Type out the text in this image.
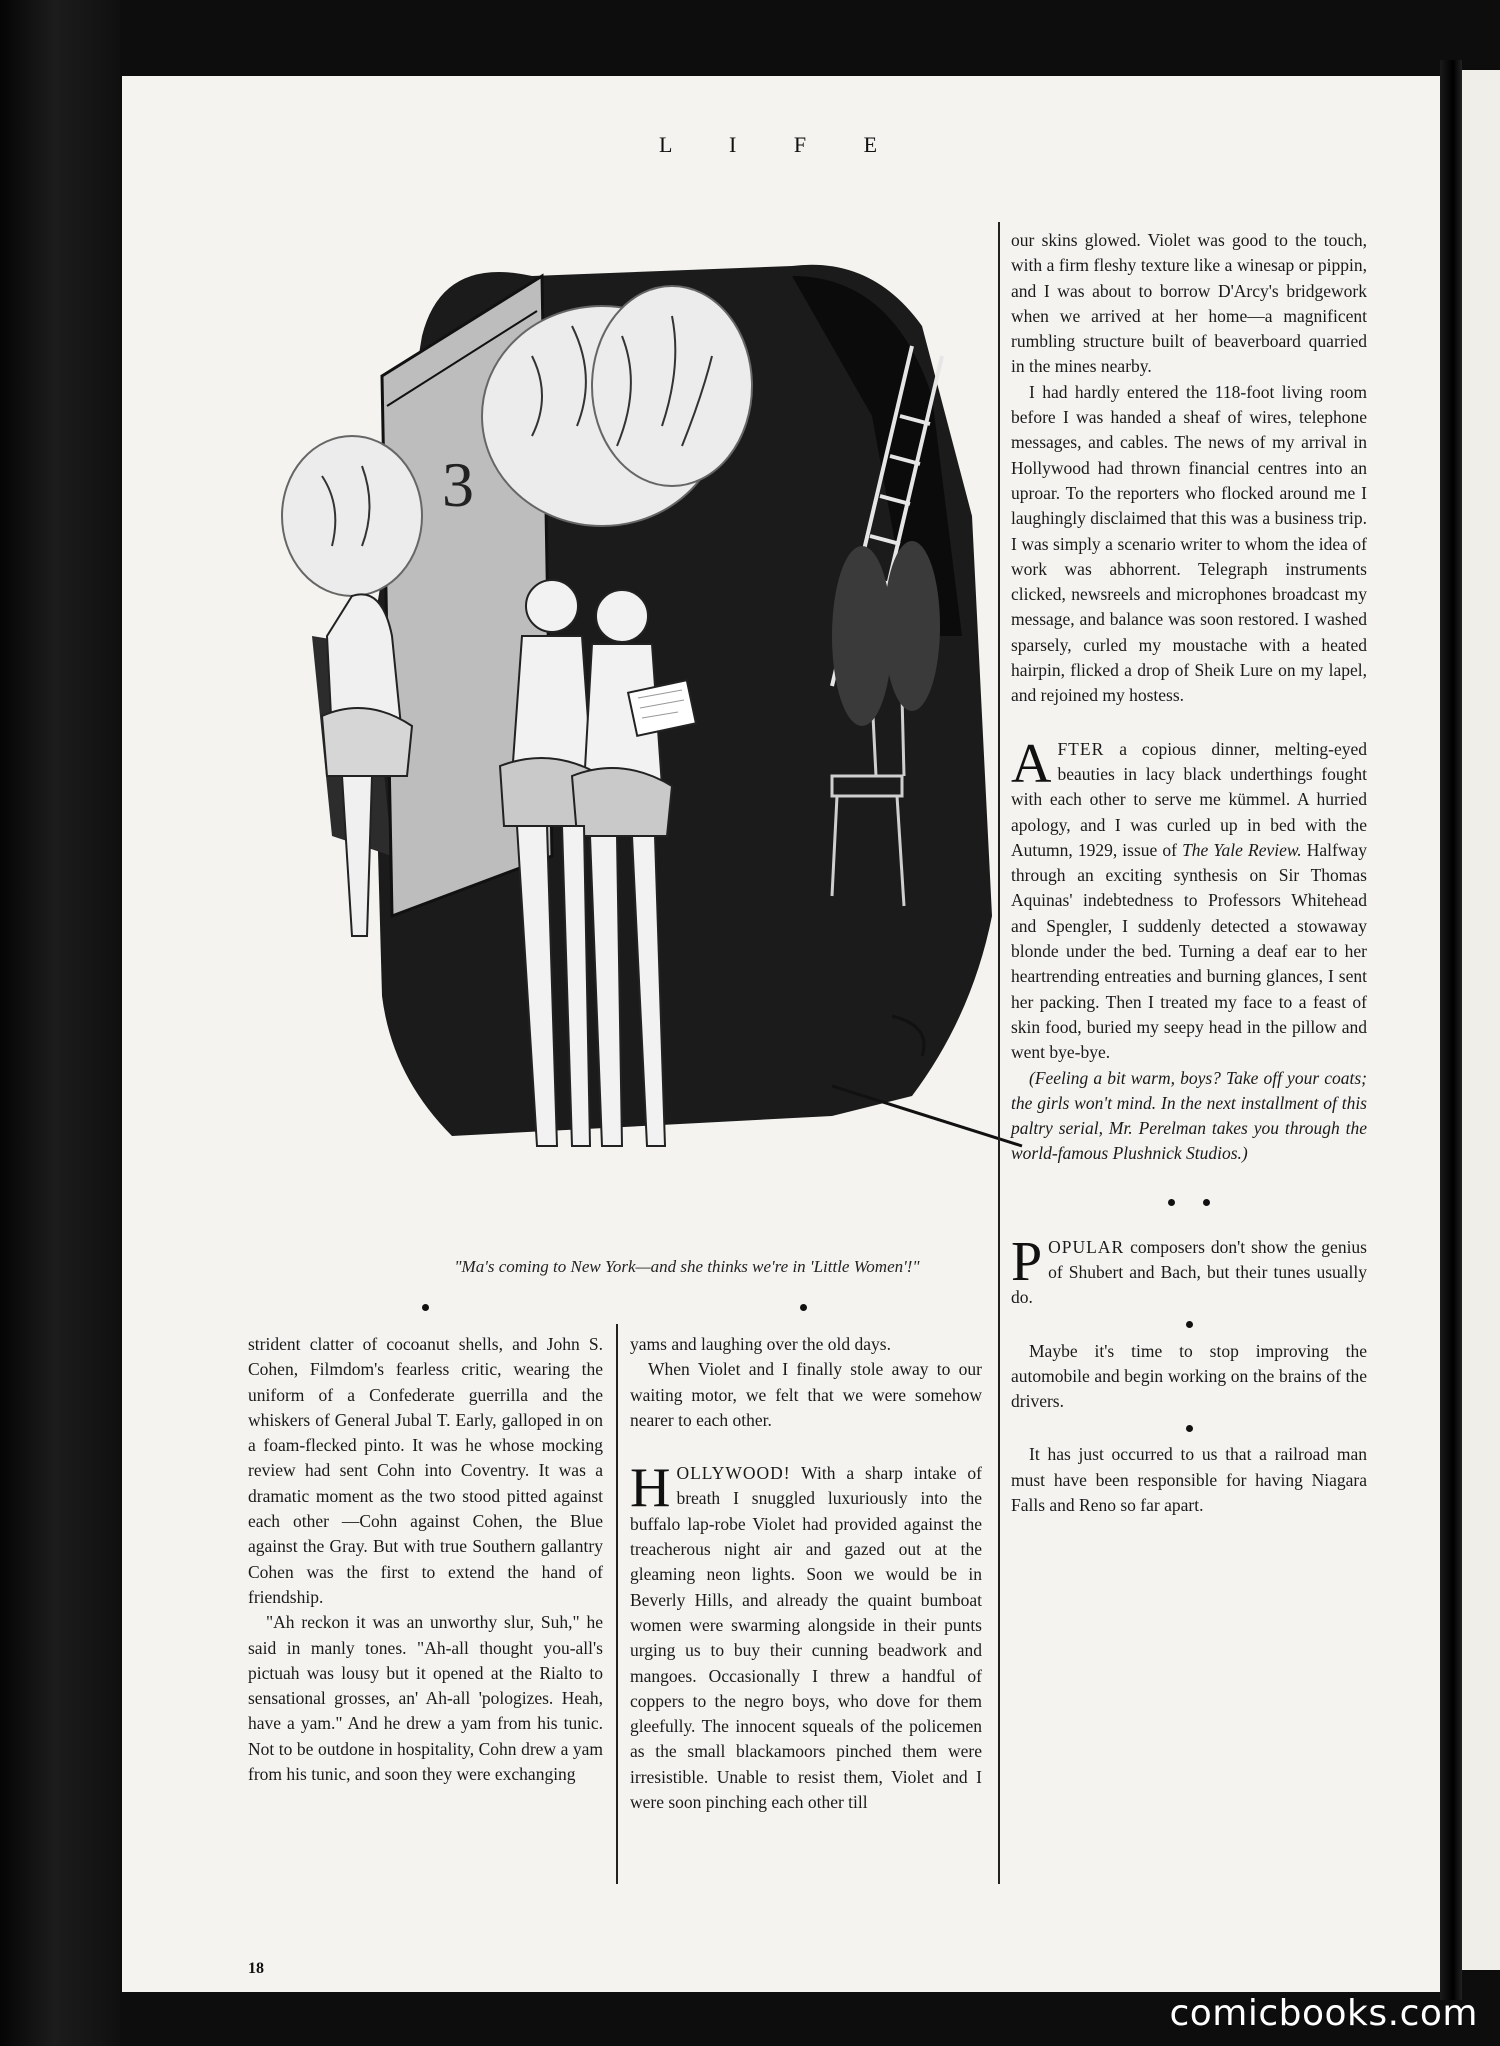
L I F E
3
"Ma's coming to New York—and she thinks we're in 'Little Women'!"

strident clatter of cocoanut shells, and John S. Cohen, Filmdom's fearless critic, wearing the uniform of a Confederate guerrilla and the whiskers of General Jubal T. Early, galloped in on a foam-flecked pinto. It was he whose mocking review had sent Cohn into Coventry. It was a dramatic moment as the two stood pitted against each other —Cohn against Cohen, the Blue against the Gray. But with true Southern gallantry Cohen was the first to extend the hand of friendship.

"Ah reckon it was an unworthy slur, Suh," he said in manly tones. "Ah-all thought you-all's pictuah was lousy but it opened at the Rialto to sensational grosses, an' Ah-all 'pologizes. Heah, have a yam." And he drew a yam from his tunic. Not to be outdone in hospitality, Cohn drew a yam from his tunic, and soon they were exchanging

yams and laughing over the old days.

When Violet and I finally stole away to our waiting motor, we felt that we were somehow nearer to each other.

HOLLYWOOD! With a sharp intake of breath I snuggled luxuriously into the buffalo lap-robe Violet had provided against the treacherous night air and gazed out at the gleaming neon lights. Soon we would be in Beverly Hills, and already the quaint bumboat women were swarming alongside in their punts urging us to buy their cunning beadwork and mangoes. Occasionally I threw a handful of coppers to the negro boys, who dove for them gleefully. The innocent squeals of the policemen as the small blackamoors pinched them were irresistible. Unable to resist them, Violet and I were soon pinching each other till

our skins glowed. Violet was good to the touch, with a firm fleshy texture like a winesap or pippin, and I was about to borrow D'Arcy's bridgework when we arrived at her home—a magnificent rumbling structure built of beaverboard quarried in the mines nearby.

I had hardly entered the 118-foot living room before I was handed a sheaf of wires, telephone messages, and cables. The news of my arrival in Hollywood had thrown financial centres into an uproar. To the reporters who flocked around me I laughingly disclaimed that this was a business trip. I was simply a scenario writer to whom the idea of work was abhorrent. Telegraph instruments clicked, newsreels and microphones broadcast my message, and balance was soon restored. I washed sparsely, curled my moustache with a heated hairpin, flicked a drop of Sheik Lure on my lapel, and rejoined my hostess.

AFTER a copious dinner, melting-eyed beauties in lacy black underthings fought with each other to serve me kümmel. A hurried apology, and I was curled up in bed with the Autumn, 1929, issue of The Yale Review. Halfway through an exciting synthesis on Sir Thomas Aquinas' indebtedness to Professors Whitehead and Spengler, I suddenly detected a stowaway blonde under the bed. Turning a deaf ear to her heartrending entreaties and burning glances, I sent her packing. Then I treated my face to a feast of skin food, buried my seepy head in the pillow and went bye-bye.

(Feeling a bit warm, boys? Take off your coats; the girls won't mind. In the next installment of this paltry serial, Mr. Perelman takes you through the world-famous Plushnick Studios.)

POPULAR composers don't show the genius of Shubert and Bach, but their tunes usually do.

Maybe it's time to stop improving the automobile and begin working on the brains of the drivers.

It has just occurred to us that a railroad man must have been responsible for having Niagara Falls and Reno so far apart.

18
comicbooks.com
